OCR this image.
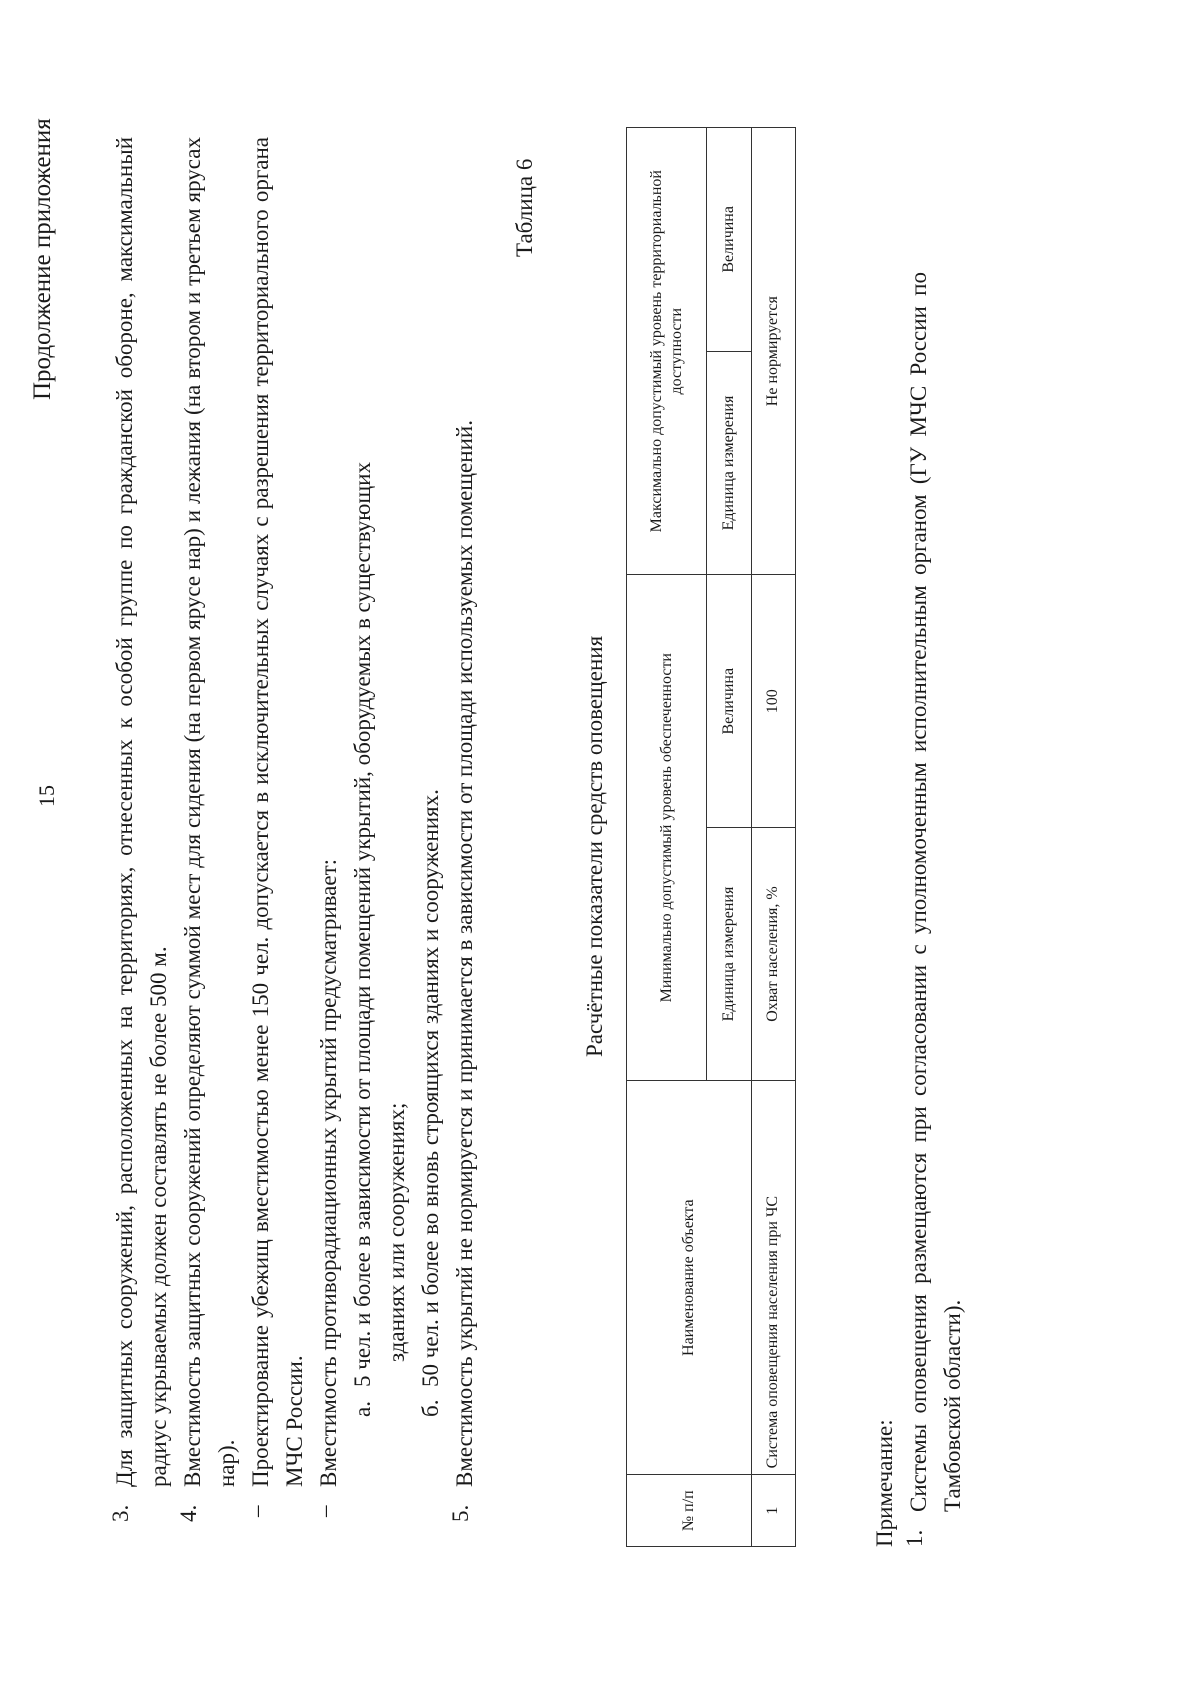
15
Продолжение приложения
3.
Для защитных сооружений, расположенных на территориях, отнесенных к особой группе по гражданской обороне, максимальный радиус укрываемых должен составлять не более 500 м.
4.
Вместимость защитных сооружений определяют суммой мест для сидения (на первом ярусе нар) и лежания (на втором и третьем ярусах нар).
–
Проектирование убежищ вместимостью менее 150 чел. допускается в исключительных случаях с разрешения территориального органа МЧС России.
–
Вместимость противорадиационных укрытий предусматривает: а.
5 чел. и более в зависимости от площади помещений укрытий, оборудуемых в существующих зданиях или сооружениях;
б.
50 чел. и более во вновь строящихся зданиях и сооружениях.
5.
Вместимость укрытий не нормируется и принимается в зависимости от площади используемых помещений.
Таблица 6
Расчётные показатели средств оповещения
№ п/п	Наименование объекта	Минимально допустимый уровень обеспеченности		Максимально допустимый уровень территориальной доступности	
		Единица измерения	Величина	Единица измерения	Величина
1	Система оповещения населения при ЧС	Охват населения, %	100	Не нормируется	
Примечание: 1.
Системы оповещения размещаются при согласовании с уполномоченным исполнительным органом (ГУ МЧС России по Тамбовской области).
